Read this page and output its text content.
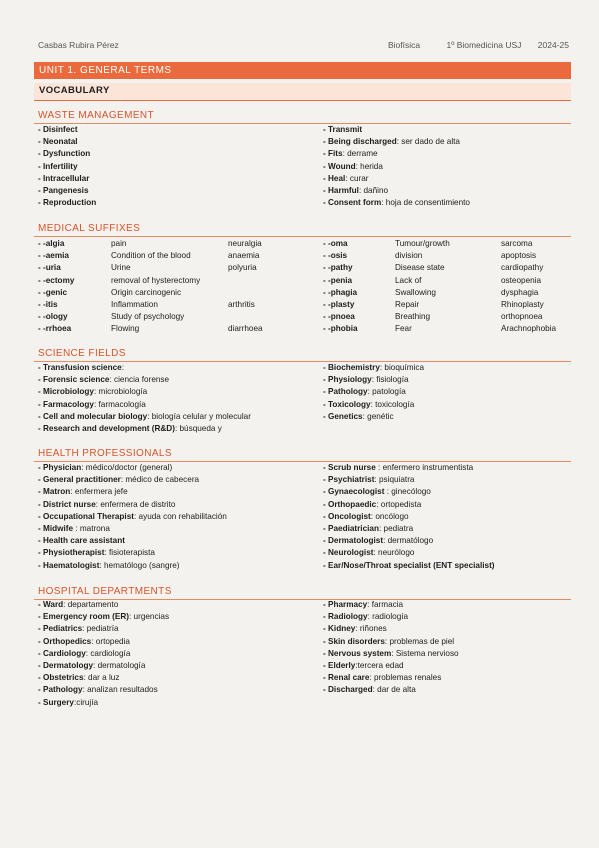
Casbas Rubira Pérez	Biofísica	1º Biomedicina USJ 2024-25
UNIT 1. GENERAL TERMS
VOCABULARY
WASTE MANAGEMENT
- Disinfect
- Neonatal
- Dysfunction
- Infertility
- Intracellular
- Pangenesis
- Reproduction
- Transmit
- Being discharged: ser dado de alta
- Fits: derrame
- Wound: herida
- Heal: curar
- Harmful: dañino
- Consent form: hoja de consentimiento
MEDICAL SUFFIXES
- -algia	pain	neuralgia
- -aemia	Condition of the blood	anaemia
- -uria	Urine	polyuria
- -ectomy	removal of hysterectomy
- -genic	Origin carcinogenic
- -itis	Inflammation	arthritis
- -ology	Study of psychology
- -rrhoea	Flowing	diarrhoea
- -oma	Tumour/growth	sarcoma
- -osis	division	apoptosis
- -pathy	Disease state	cardiopathy
- -penia	Lack of	osteopenia
- -phagia	Swallowing	dysphagia
- -plasty	Repair	Rhinoplasty
- -pnoea	Breathing	orthopnoea
- -phobia	Fear	Arachnophobia
SCIENCE FIELDS
- Transfusion science:
- Forensic science: ciencia forense
- Microbiology: microbiología
- Farmacology: farmacología
- Cell and molecular biology: biología celular y molecular
- Research and development (R&D): búsqueda y
- Biochemistry: bioquímica
- Physiology: fisiología
- Pathology: patología
- Toxicology: toxicología
- Genetics: genétic
HEALTH PROFESSIONALS
- Physician: médico/doctor (general)
- General practitioner: médico de cabecera
- Matron: enfermera jefe
- District nurse: enfermera de distrito
- Occupational Therapist: ayuda con rehabilitación
- Midwife : matrona
- Health care assistant
- Physiotherapist: fisioterapista
- Haematologist: hematólogo (sangre)
- Scrub nurse : enfermero instrumentista
- Psychiatrist: psiquiatra
- Gynaecologist : ginecólogo
- Orthopaedic: ortopedista
- Oncologist: oncólogo
- Paediatrician: pediatra
- Dermatologist: dermatólogo
- Neurologist: neurólogo
- Ear/Nose/Throat specialist (ENT specialist)
HOSPITAL DEPARTMENTS
- Ward: departamento
- Emergency room (ER): urgencias
- Pediatrics: pediatría
- Orthopedics: ortopedia
- Cardiology: cardiología
- Dermatology: dermatología
- Obstetrics: dar a luz
- Pathology: analizan resultados
- Surgery:cirujía
- Pharmacy: farmacia
- Radiology: radiología
- Kidney: riñones
- Skin disorders: problemas de piel
- Nervous system: Sistema nervioso
- Elderly:tercera edad
- Renal care: problemas renales
- Discharged: dar de alta
